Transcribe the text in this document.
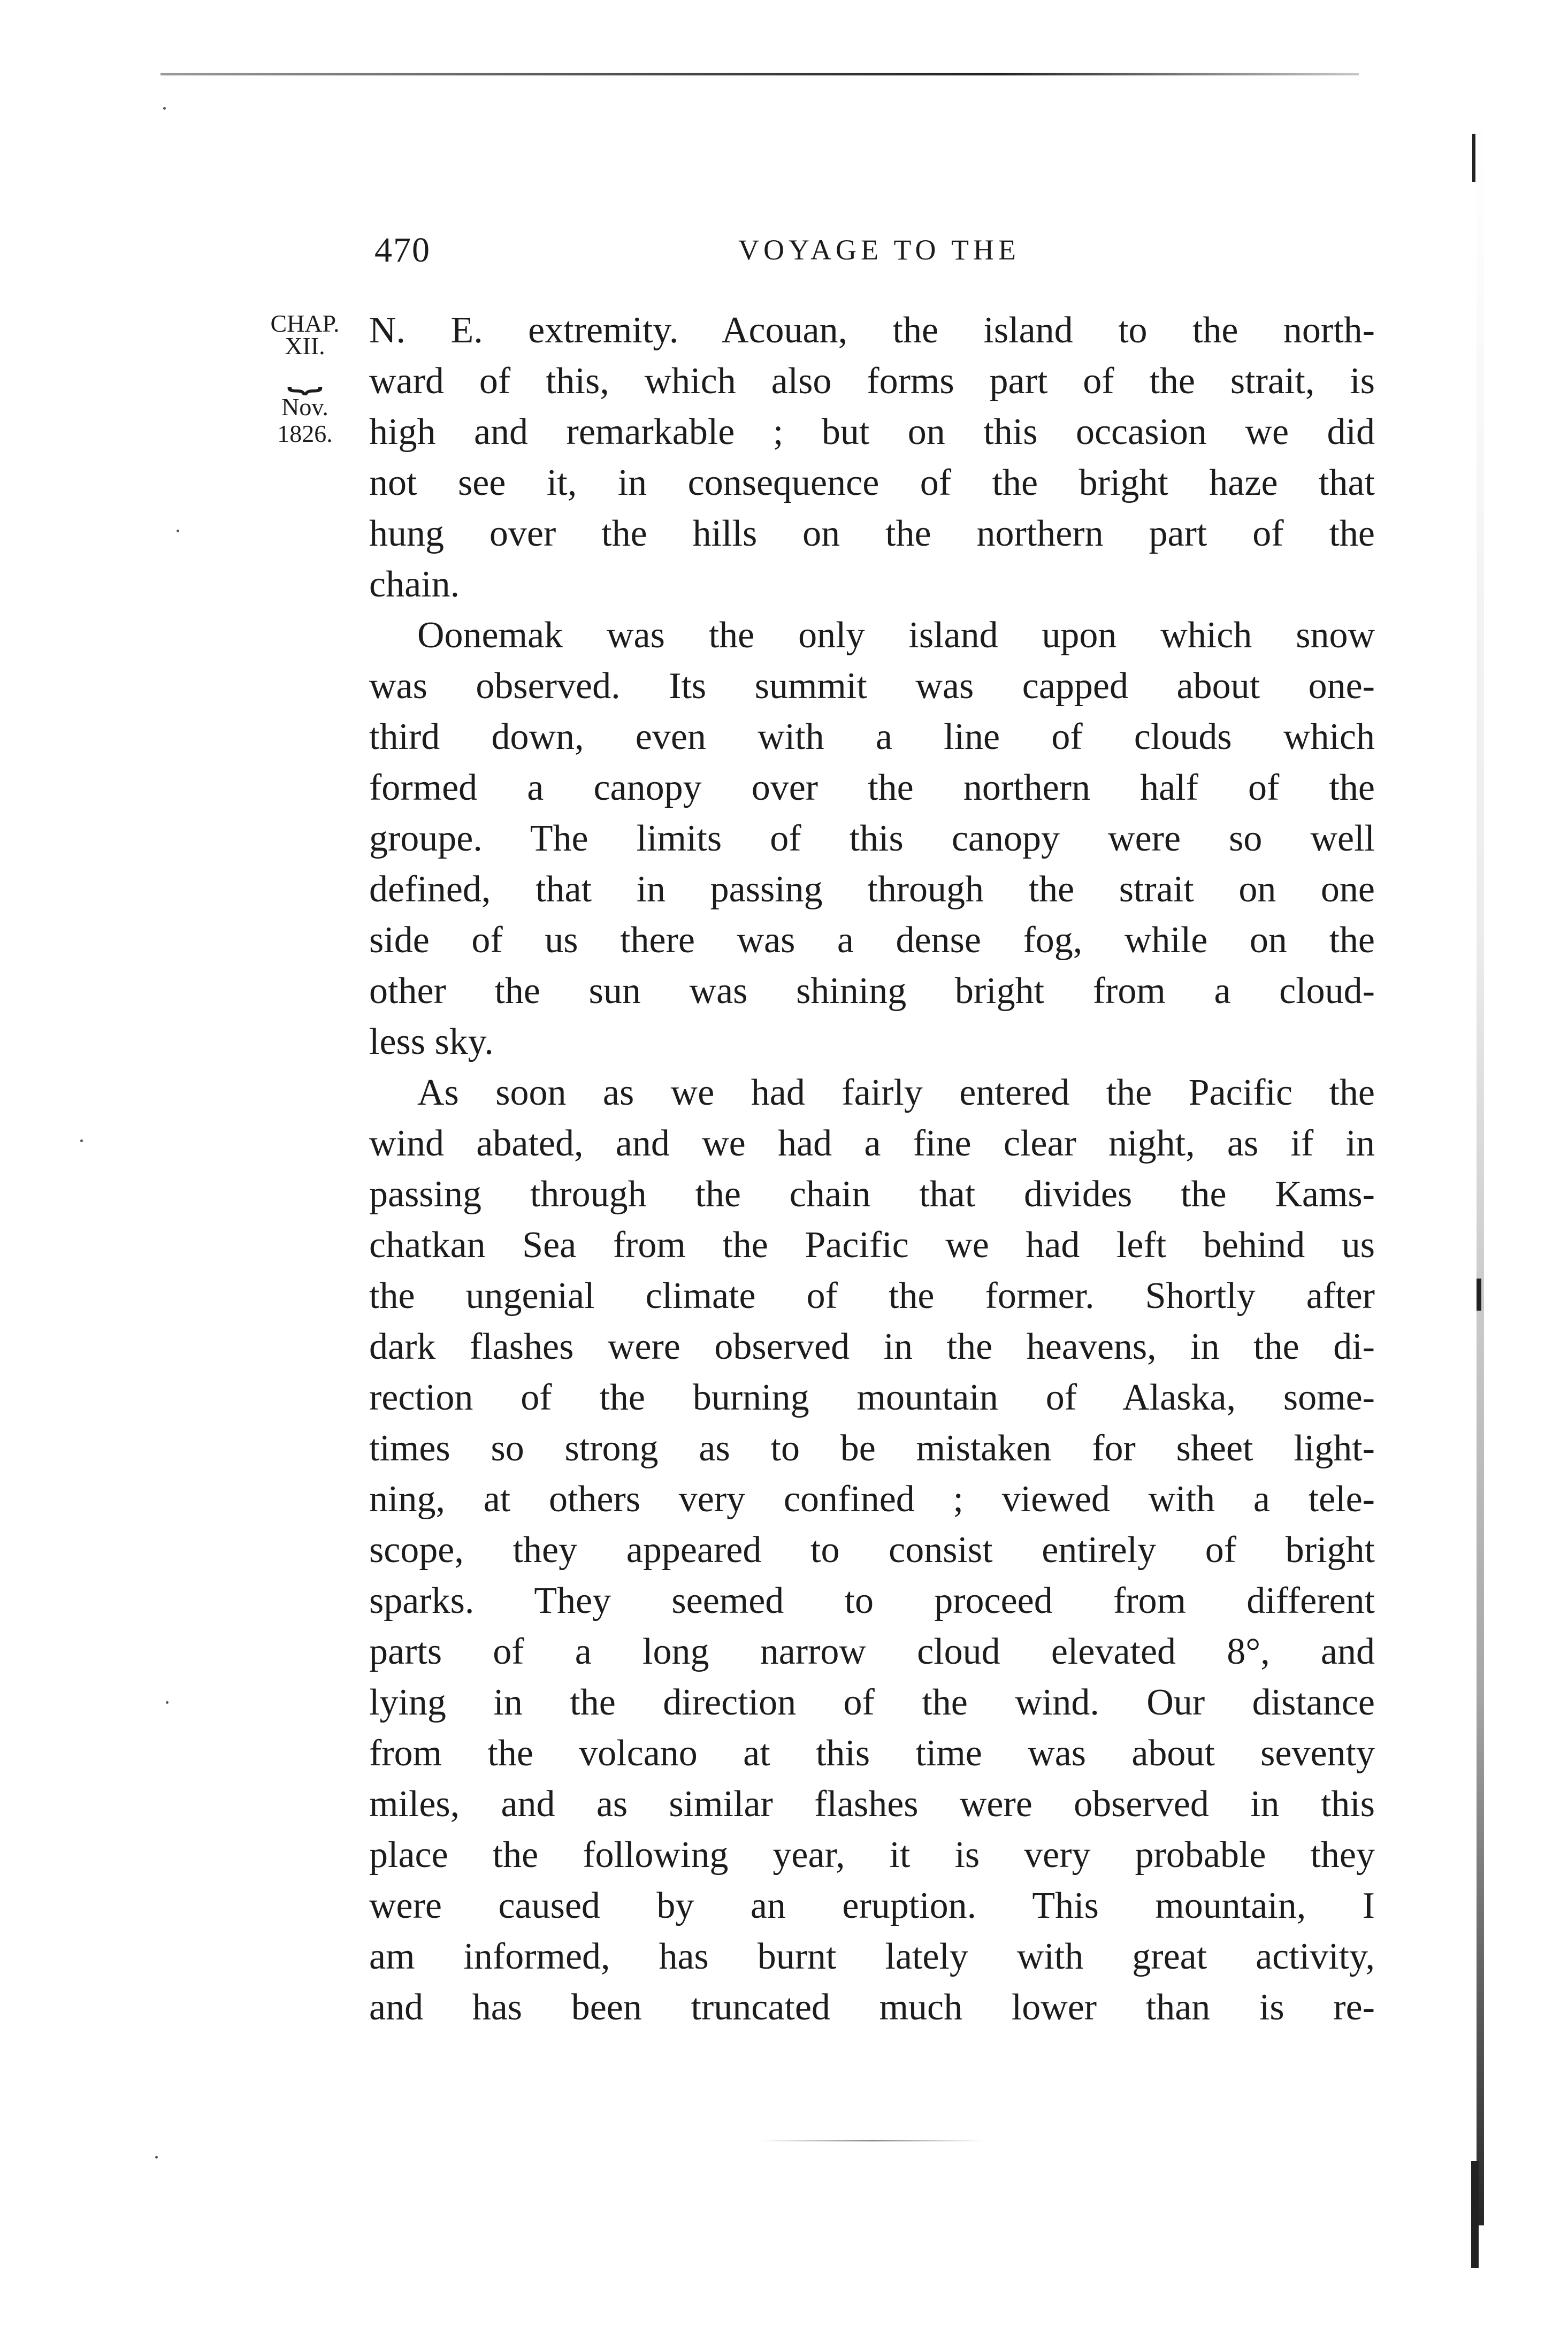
470	VOYAGE TO THE
CHAP.
XII.
⏟
Nov.
1826.
N. E. extremity. Acouan, the island to the north-
ward of this, which also forms part of the strait, is
high and remarkable ; but on this occasion we did
not see it, in consequence of the bright haze that
hung over the hills on the northern part of the
chain.
Oonemak was the only island upon which snow
was observed. Its summit was capped about one-
third down, even with a line of clouds which
formed a canopy over the northern half of the
groupe. The limits of this canopy were so well
defined, that in passing through the strait on one
side of us there was a dense fog, while on the
other the sun was shining bright from a cloud-
less sky.
As soon as we had fairly entered the Pacific the
wind abated, and we had a fine clear night, as if in
passing through the chain that divides the Kams-
chatkan Sea from the Pacific we had left behind us
the ungenial climate of the former. Shortly after
dark flashes were observed in the heavens, in the di-
rection of the burning mountain of Alaska, some-
times so strong as to be mistaken for sheet light-
ning, at others very confined ; viewed with a tele-
scope, they appeared to consist entirely of bright
sparks. They seemed to proceed from different
parts of a long narrow cloud elevated 8°, and
lying in the direction of the wind. Our distance
from the volcano at this time was about seventy
miles, and as similar flashes were observed in this
place the following year, it is very probable they
were caused by an eruption. This mountain, I
am informed, has burnt lately with great activity,
and has been truncated much lower than is re-
